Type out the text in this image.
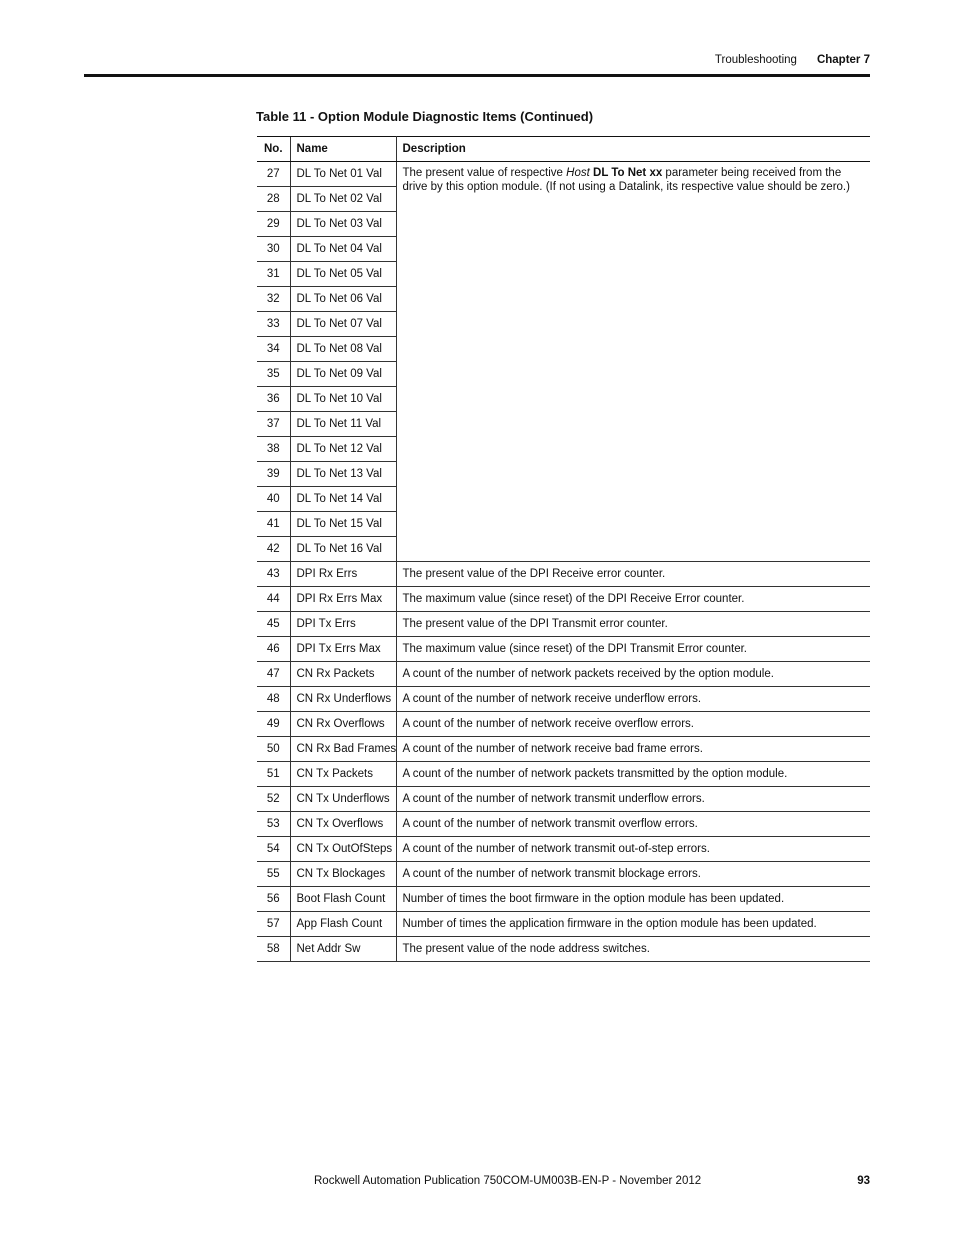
Troubleshooting Chapter 7
Table 11 - Option Module Diagnostic Items (Continued)
No.	Name	Description
27	DL To Net 01 Val	The present value of respective Host DL To Net xx parameter being received from the drive by this option module. (If not using a Datalink, its respective value should be zero.)
28	DL To Net 02 Val	
29	DL To Net 03 Val	
30	DL To Net 04 Val	
31	DL To Net 05 Val	
32	DL To Net 06 Val	
33	DL To Net 07 Val	
34	DL To Net 08 Val	
35	DL To Net 09 Val	
36	DL To Net 10 Val	
37	DL To Net 11 Val	
38	DL To Net 12 Val	
39	DL To Net 13 Val	
40	DL To Net 14 Val	
41	DL To Net 15 Val	
42	DL To Net 16 Val	
43	DPI Rx Errs	The present value of the DPI Receive error counter.
44	DPI Rx Errs Max	The maximum value (since reset) of the DPI Receive Error counter.
45	DPI Tx Errs	The present value of the DPI Transmit error counter.
46	DPI Tx Errs Max	The maximum value (since reset) of the DPI Transmit Error counter.
47	CN Rx Packets	A count of the number of network packets received by the option module.
48	CN Rx Underflows	A count of the number of network receive underflow errors.
49	CN Rx Overflows	A count of the number of network receive overflow errors.
50	CN Rx Bad Frames	A count of the number of network receive bad frame errors.
51	CN Tx Packets	A count of the number of network packets transmitted by the option module.
52	CN Tx Underflows	A count of the number of network transmit underflow errors.
53	CN Tx Overflows	A count of the number of network transmit overflow errors.
54	CN Tx OutOfSteps	A count of the number of network transmit out-of-step errors.
55	CN Tx Blockages	A count of the number of network transmit blockage errors.
56	Boot Flash Count	Number of times the boot firmware in the option module has been updated.
57	App Flash Count	Number of times the application firmware in the option module has been updated.
58	Net Addr Sw	The present value of the node address switches.
Rockwell Automation Publication 750COM-UM003B-EN-P - November 2012	93
